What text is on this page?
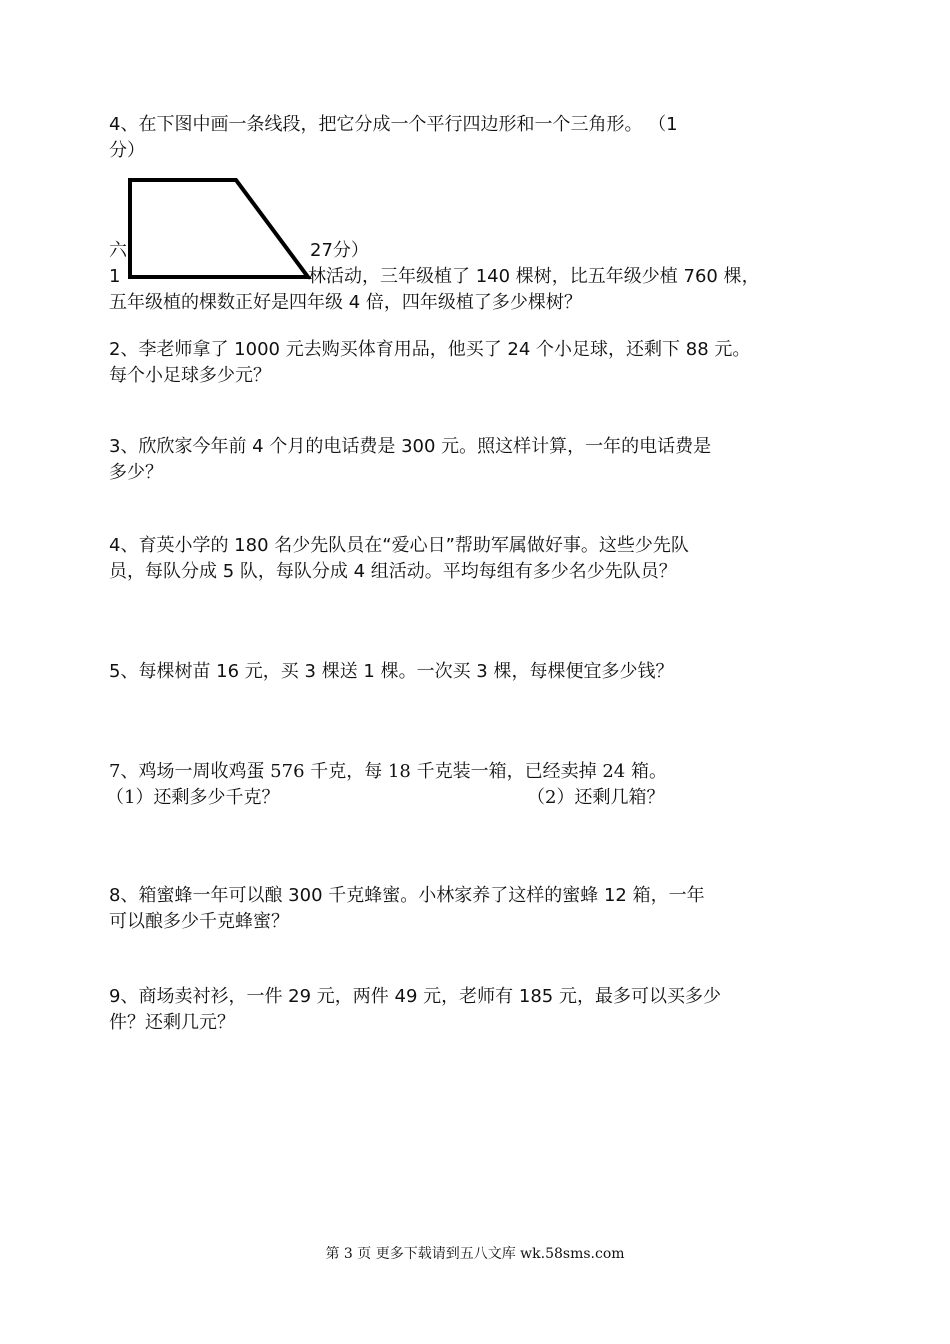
4、在下图中画一条线段，把它分成一个平行四边形和一个三角形。 （1

分）

六	27分）

1	林活动，三年级植了 140 棵树，比五年级少植 760 棵，

五年级植的棵数正好是四年级 4 倍，四年级植了多少棵树？

2、李老师拿了 1000 元去购买体育用品，他买了 24 个小足球，还剩下 88 元。

每个小足球多少元？

3、欣欣家今年前 4 个月的电话费是 300 元。照这样计算，一年的电话费是

多少？

4、育英小学的 180 名少先队员在“爱心日”帮助军属做好事。这些少先队

员，每队分成 5 队，每队分成 4 组活动。平均每组有多少名少先队员？

5、每棵树苗 16 元，买 3 棵送 1 棵。一次买 3 棵，每棵便宜多少钱？

7、鸡场一周收鸡蛋 576 千克，每 18 千克装一箱，已经卖掉 24 箱。

（1）还剩多少千克？	（2）还剩几箱？

8、箱蜜蜂一年可以酿 300 千克蜂蜜。小林家养了这样的蜜蜂 12 箱，一年

可以酿多少千克蜂蜜？

9、商场卖衬衫，一件 29 元，两件 49 元，老师有 185 元，最多可以买多少

件？还剩几元？

第 3 页 更多下载请到五八文库 wk.58sms.com
